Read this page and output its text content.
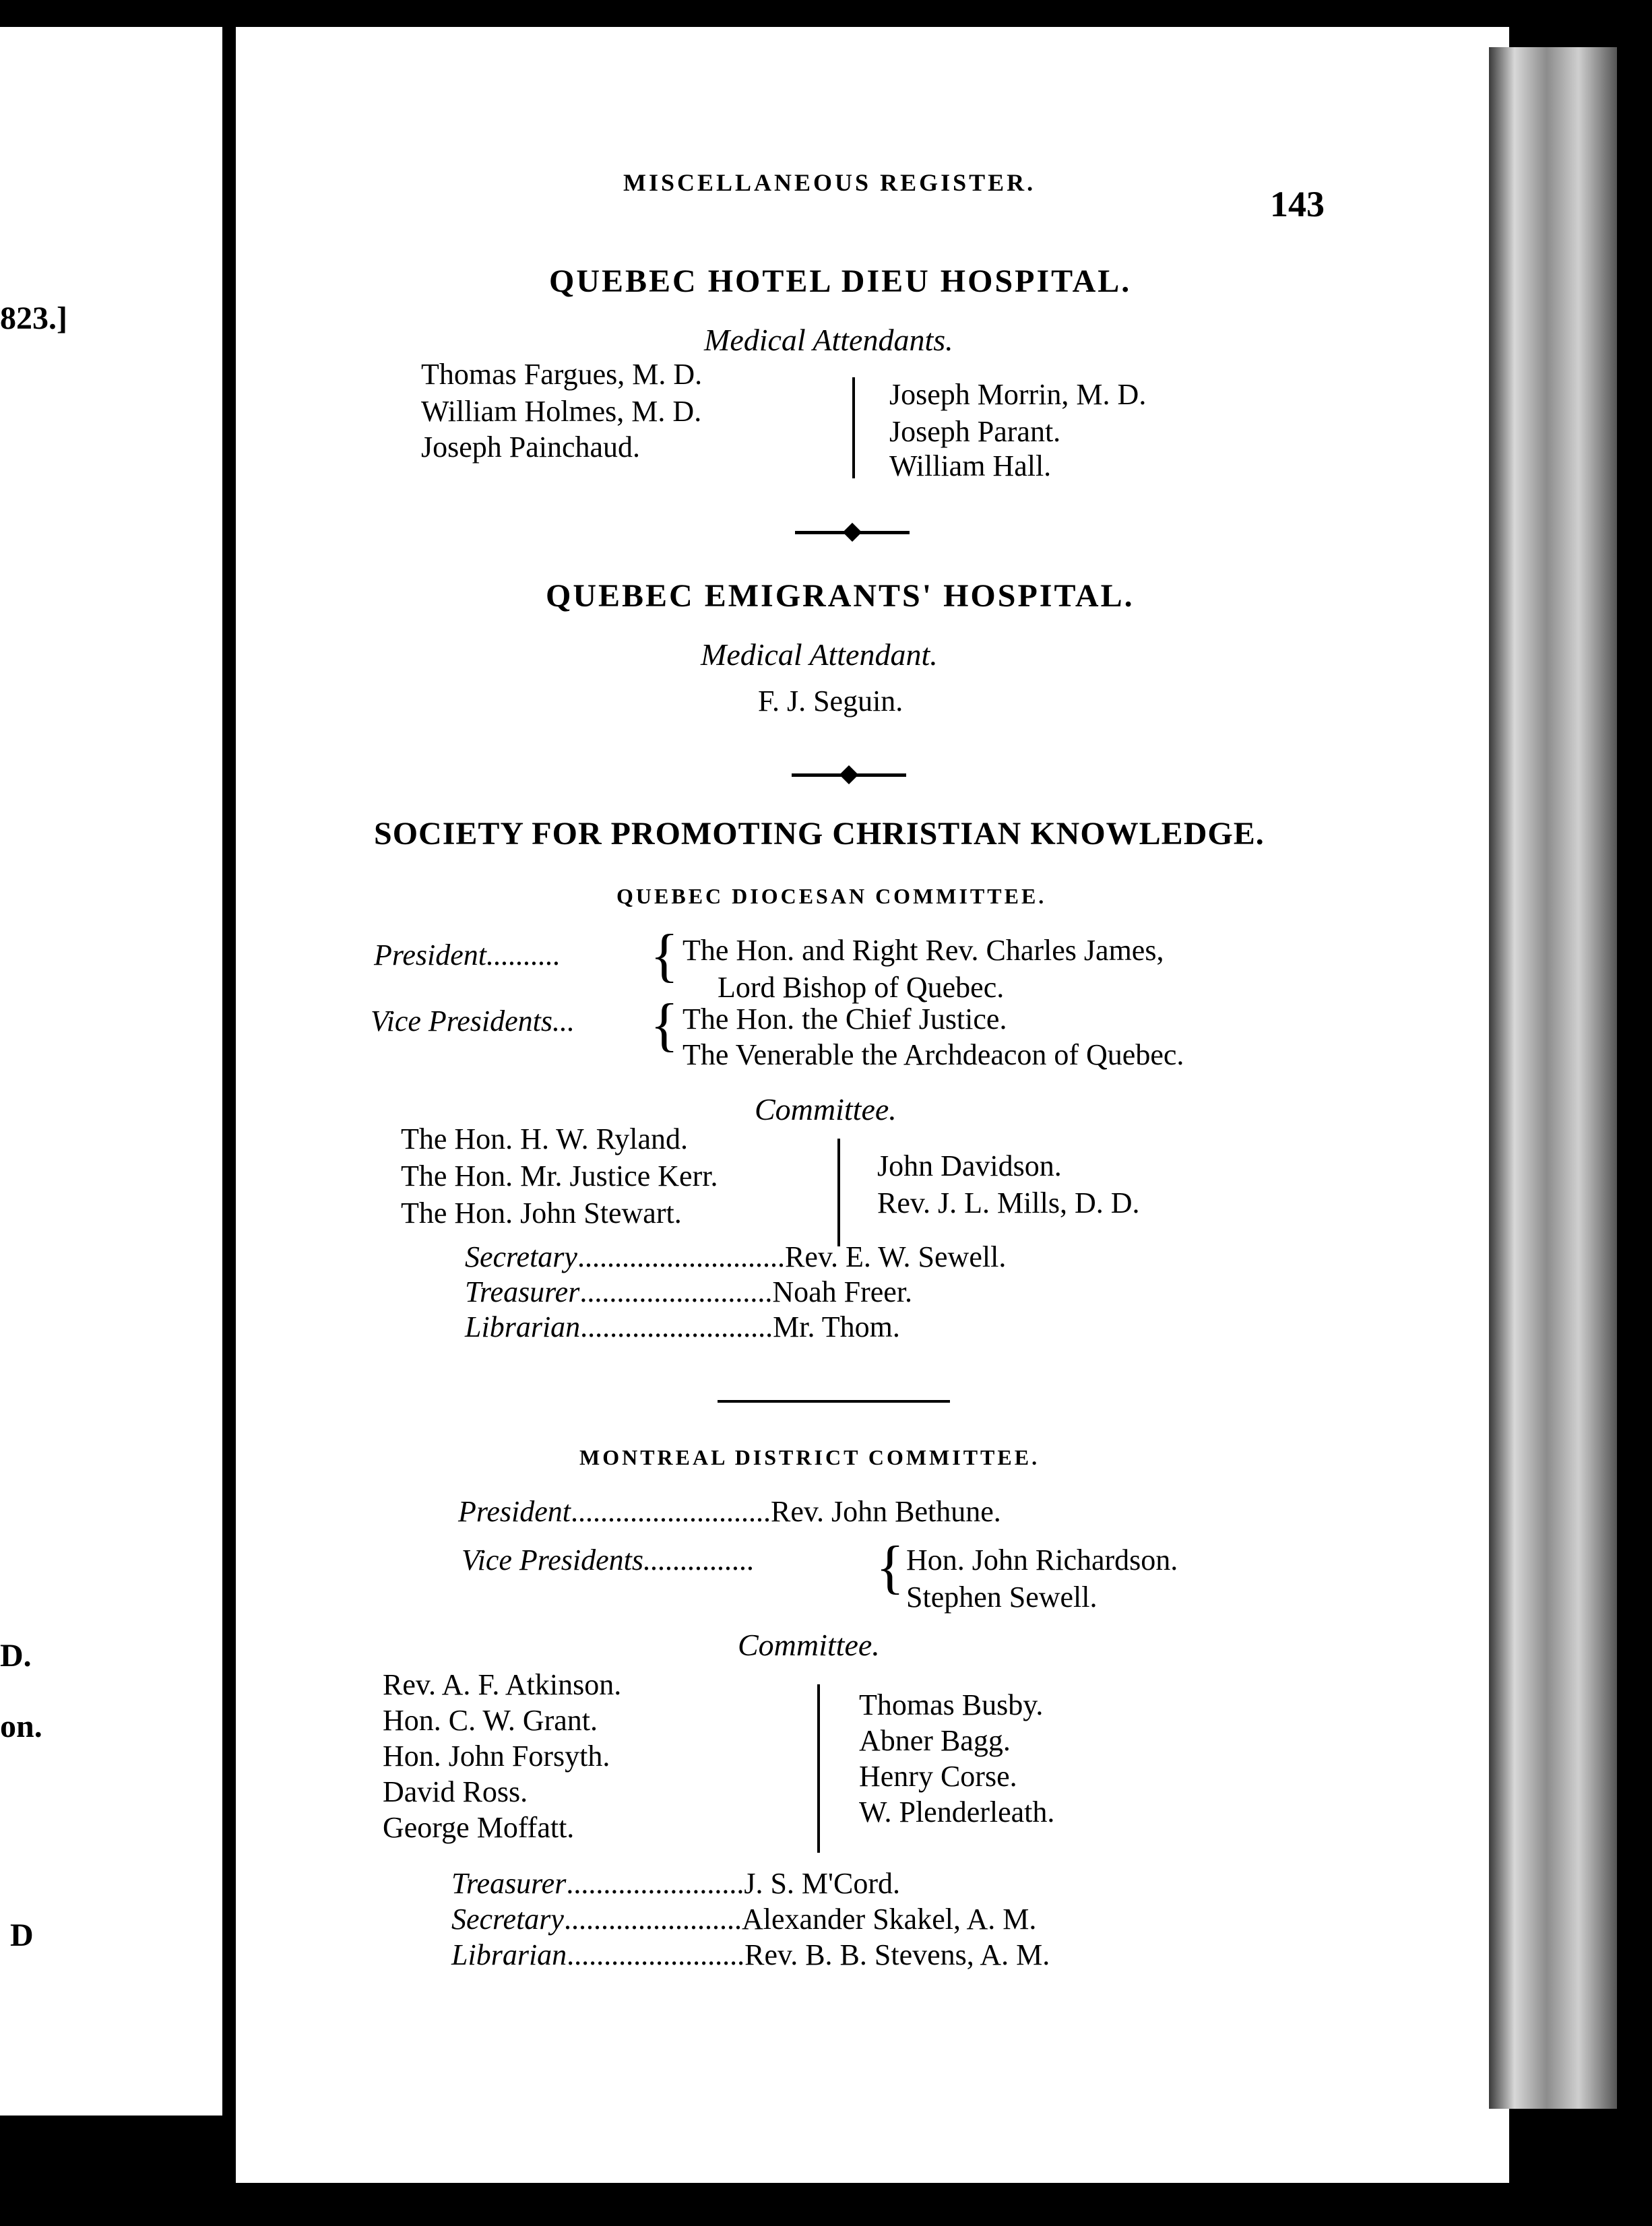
823.]
D.
on.
D
MISCELLANEOUS REGISTER.
143
QUEBEC HOTEL DIEU HOSPITAL.
Medical Attendants.
Thomas Fargues, M. D.
William Holmes, M. D.
Joseph Painchaud.
Joseph Morrin, M. D.
Joseph Parant.
William Hall.
QUEBEC EMIGRANTS' HOSPITAL.
Medical Attendant.
F. J. Seguin.
SOCIETY FOR PROMOTING CHRISTIAN KNOWLEDGE.
QUEBEC DIOCESAN COMMITTEE.
President.......... { The Hon. and Right Rev. Charles James,
Lord Bishop of Quebec.
Vice Presidents... { The Hon. the Chief Justice.
The Venerable the Archdeacon of Quebec.
Committee.
The Hon. H. W. Ryland.
The Hon. Mr. Justice Kerr.
The Hon. John Stewart.
John Davidson.
Rev. J. L. Mills, D. D.
Secretary............................Rev. E. W. Sewell.
Treasurer..........................Noah Freer.
Librarian..........................Mr. Thom.
MONTREAL DISTRICT COMMITTEE.
President...........................Rev. John Bethune.
Vice Presidents............... { Hon. John Richardson.
Stephen Sewell.
Committee.
Rev. A. F. Atkinson.
Hon. C. W. Grant.
Hon. John Forsyth.
David Ross.
George Moffatt.
Thomas Busby.
Abner Bagg.
Henry Corse.
W. Plenderleath.
Treasurer........................J. S. M'Cord.
Secretary........................Alexander Skakel, A. M.
Librarian........................Rev. B. B. Stevens, A. M.
